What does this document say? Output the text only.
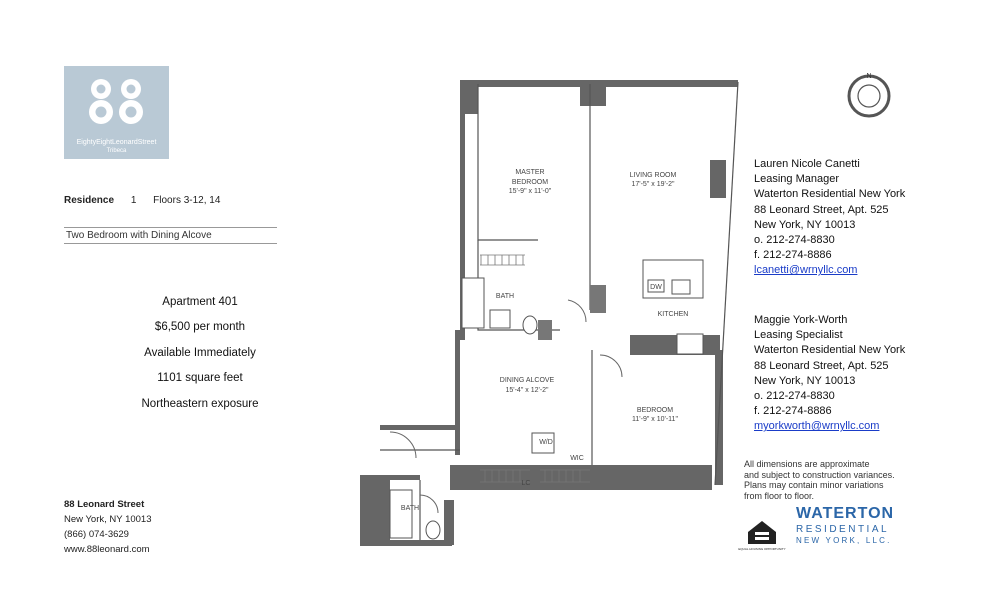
EightyEightLeonardStreet
Tribeca
Residence 1 Floors 3-12, 14
Two Bedroom with Dining Alcove
Apartment 401
$6,500 per month
Available Immediately
1101 square feet
Northeastern exposure
88 Leonard Street
New York, NY 10013
(866) 074-3629
www.88leonard.com
MASTER
BEDROOM
15'-9" x 11'-0"
LIVING ROOM
17'-5" x 19'-2"
KITCHEN
BATH
DINING ALCOVE
15'-4" x 12'-2"
BEDROOM
11'-9" x 10'-11"
WIC
W/D
LC
BATH
DW
N
Lauren Nicole Canetti
Leasing Manager
Waterton Residential New York
88 Leonard Street, Apt. 525
New York, NY 10013
o. 212-274-8830
f. 212-274-8886
lcanetti@wrnyllc.com
Maggie York-Worth
Leasing Specialist
Waterton Residential New York
88 Leonard Street, Apt. 525
New York, NY 10013
o. 212-274-8830
f. 212-274-8886
myorkworth@wrnyllc.com
All dimensions are approximate
and subject to construction variances.
Plans may contain minor variations
from floor to floor.
EQUAL HOUSING OPPORTUNITY
WATERTON
RESIDENTIAL
NEW YORK, LLC.
